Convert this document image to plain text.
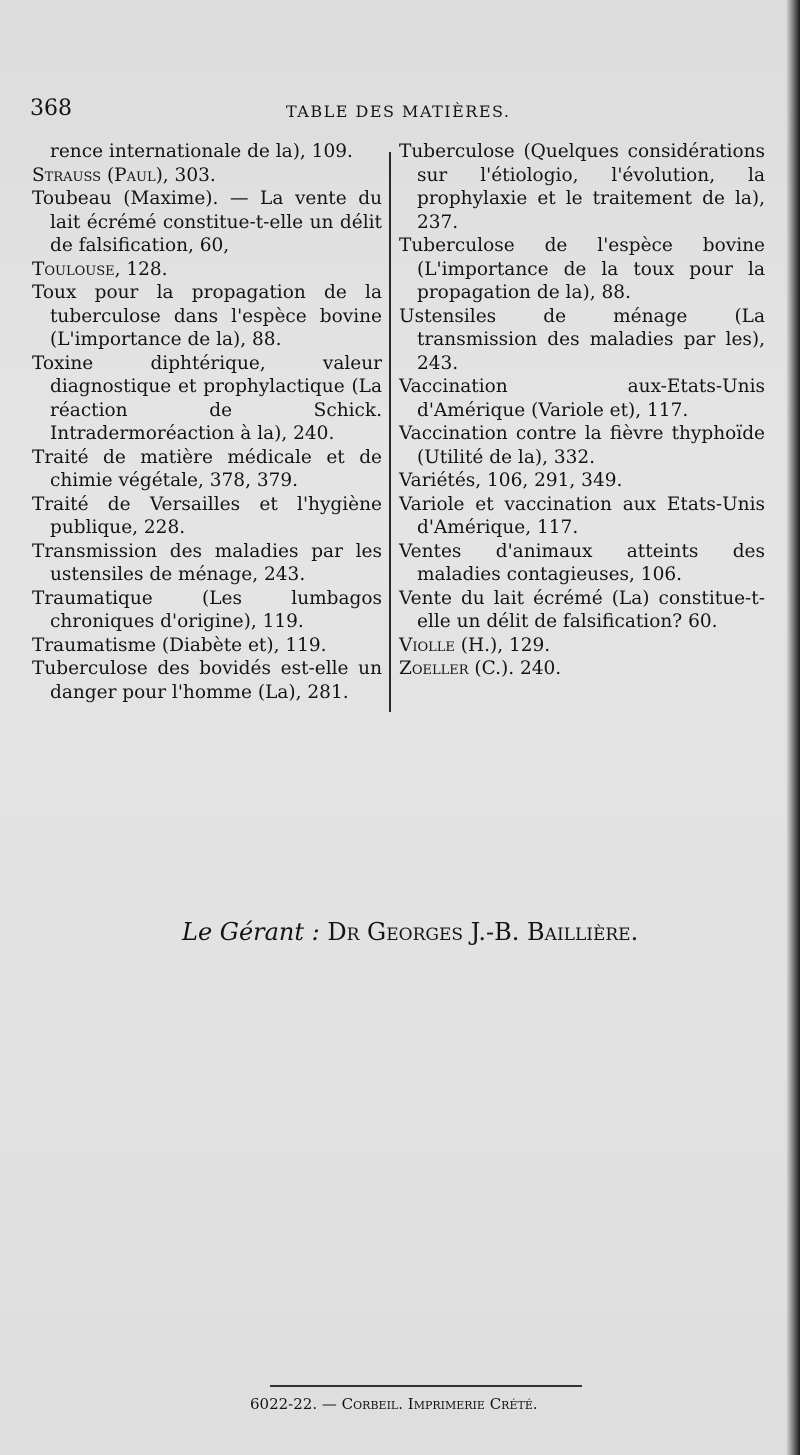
368	TABLE DES MATIÈRES.

rence internationale de la), 109.

Strauss (Paul), 303.

Toubeau (Maxime). — La vente du lait écrémé constitue-t-elle un délit de falsification, 60,

Toulouse, 128.

Toux pour la propagation de la tuberculose dans l'espèce bovine (L'importance de la), 88.

Toxine diphtérique, valeur diagnostique et prophylactique (La réaction de Schick. Intradermoréaction à la), 240.

Traité de matière médicale et de chimie végétale, 378, 379.

Traité de Versailles et l'hygiène publique, 228.

Transmission des maladies par les ustensiles de ménage, 243.

Traumatique (Les lumbagos chroniques d'origine), 119.

Traumatisme (Diabète et), 119.

Tuberculose des bovidés est-elle un danger pour l'homme (La), 281.

Tuberculose (Quelques considérations sur l'étiologio, l'évolution, la prophylaxie et le traitement de la), 237.

Tuberculose de l'espèce bovine (L'importance de la toux pour la propagation de la), 88.

Ustensiles de ménage (La transmission des maladies par les), 243.

Vaccination aux-Etats-Unis d'Amérique (Variole et), 117.

Vaccination contre la fièvre thyphoïde (Utilité de la), 332.

Variétés, 106, 291, 349.

Variole et vaccination aux Etats-Unis d'Amérique, 117.

Ventes d'animaux atteints des maladies contagieuses, 106.

Vente du lait écrémé (La) constitue-t-elle un délit de falsification? 60.

Violle (H.), 129.

Zoeller (C.). 240.

Le Gérant : Dr Georges J.-B. Baillière.
6022-22. — Corbeil. Imprimerie Crété.
